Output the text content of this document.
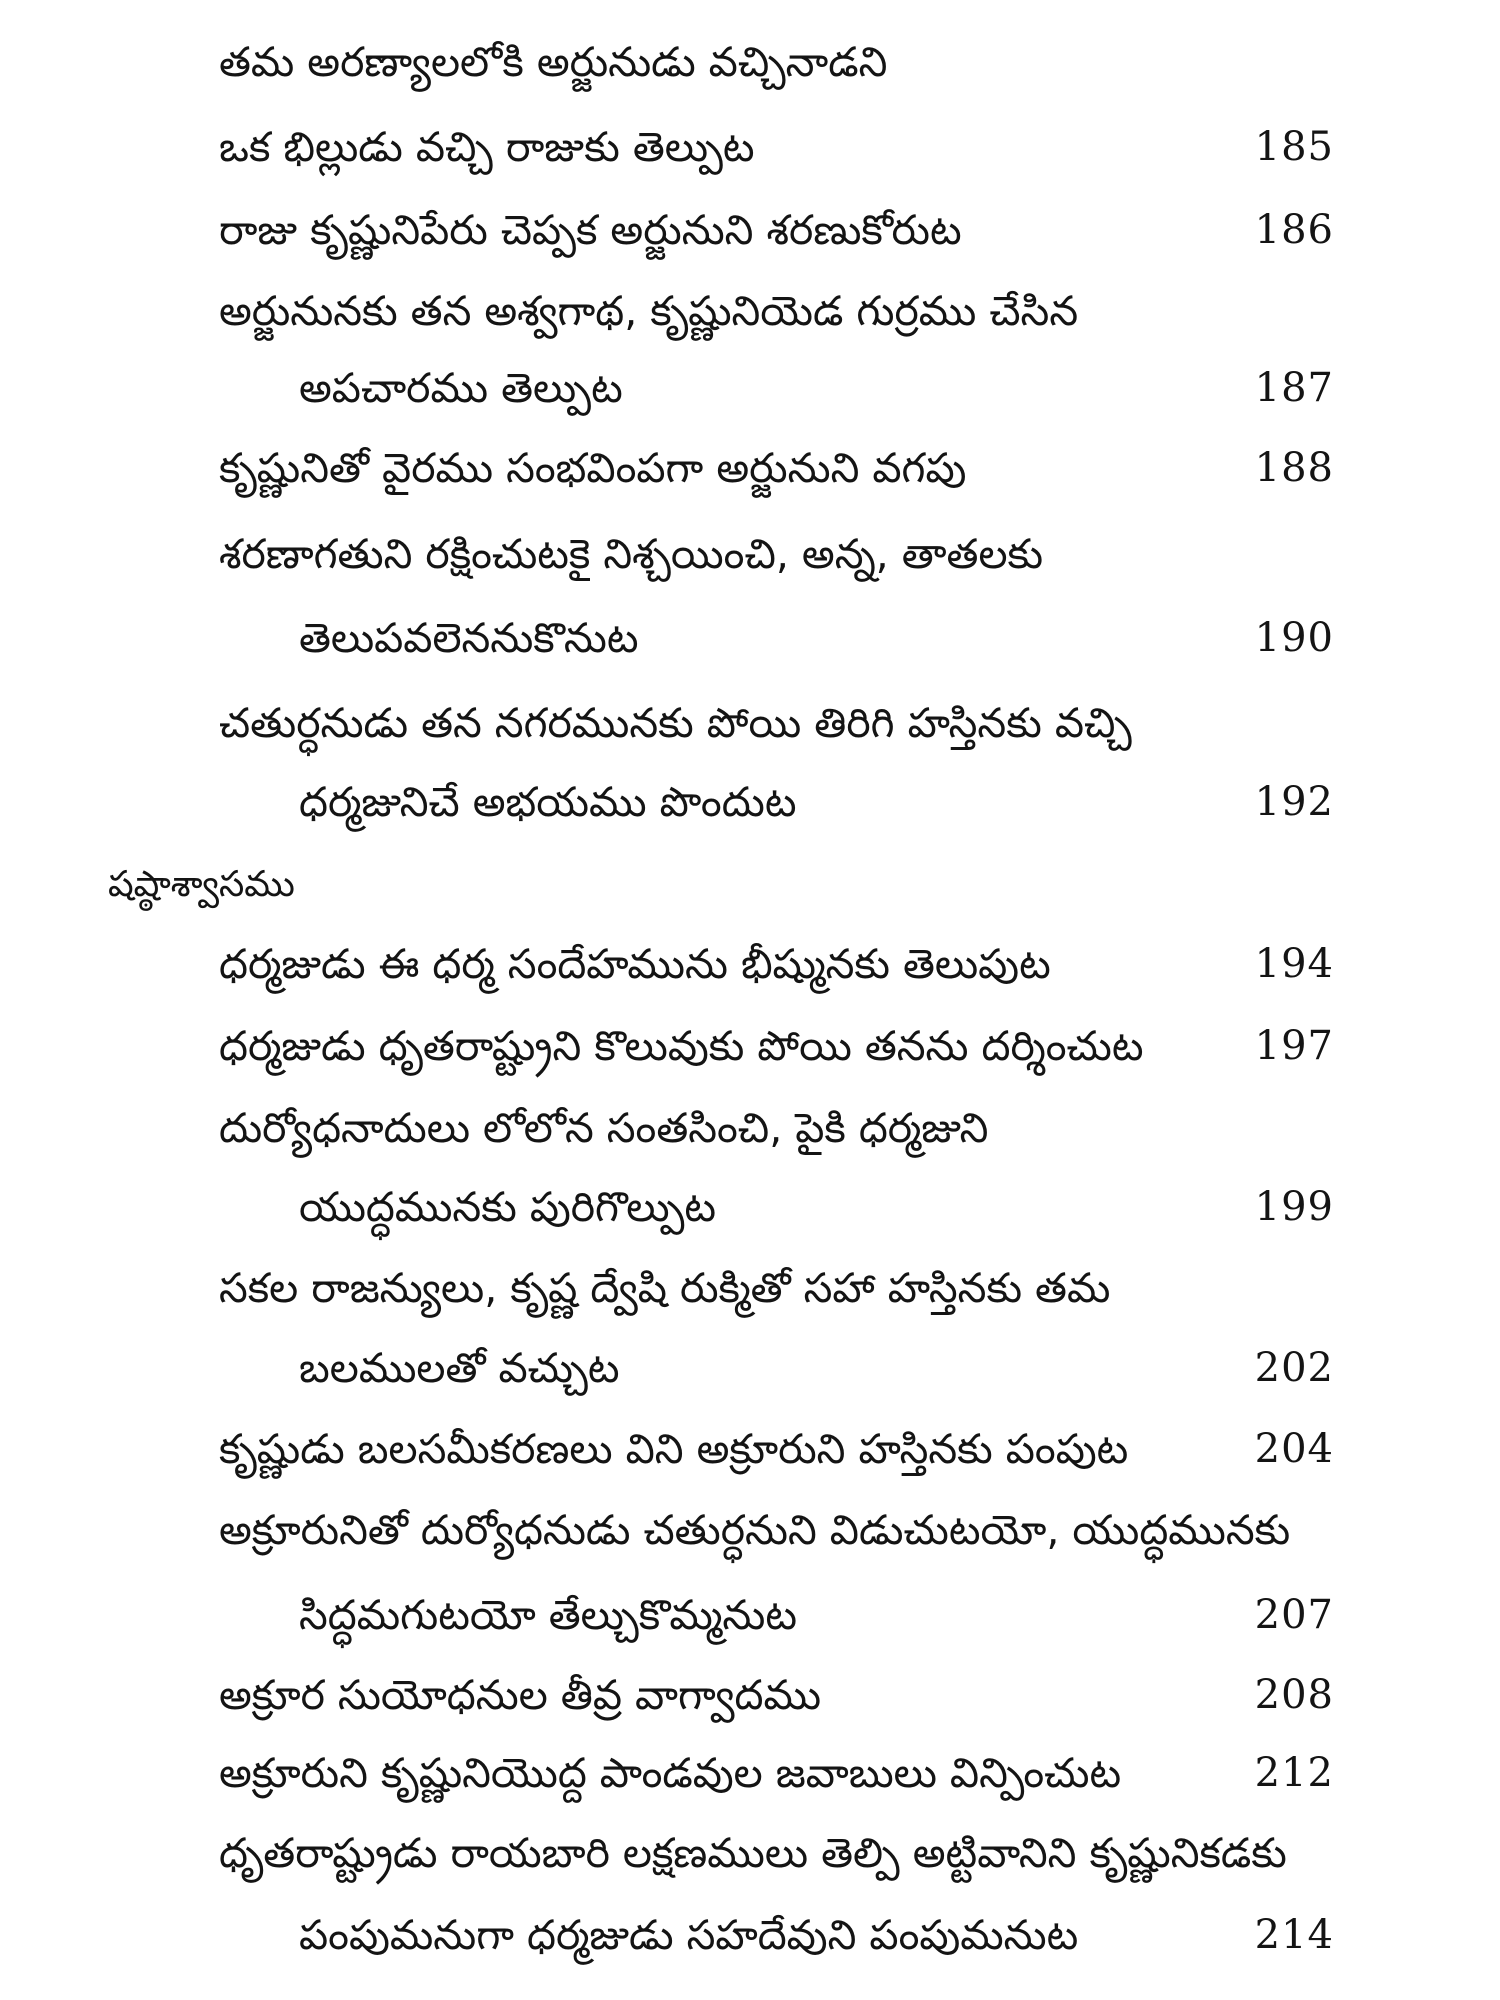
తమ అరణ్యాలలోకి అర్జునుడు వచ్చినాడని
ఒక భిల్లుడు వచ్చి రాజుకు తెల్పుట	185
రాజు కృష్ణునిపేరు చెప్పక అర్జునుని శరణుకోరుట	186
అర్జునునకు తన అశ్వగాథ, కృష్ణునియెడ గుర్రము చేసిన
అపచారము తెల్పుట	187
కృష్ణునితో వైరము సంభవింపగా అర్జునుని వగపు	188
శరణాగతుని రక్షించుటకై నిశ్చయించి, అన్న, తాతలకు
తెలుపవలెననుకొనుట	190
చతుర్ధనుడు తన నగరమునకు పోయి తిరిగి హస్తినకు వచ్చి
ధర్మజునిచే అభయము పొందుట	192
షష్ఠాశ్వాసము
ధర్మజుడు ఈ ధర్మ సందేహమును భీష్మునకు తెలుపుట	194
ధర్మజుడు ధృతరాష్ట్రుని కొలువుకు పోయి తనను దర్శించుట	197
దుర్యోధనాదులు లోలోన సంతసించి, పైకి ధర్మజుని
యుద్ధమునకు పురిగొల్పుట	199
సకల రాజన్యులు, కృష్ణ ద్వేషి రుక్మితో సహా హస్తినకు తమ
బలములతో వచ్చుట	202
కృష్ణుడు బలసమీకరణలు విని అక్రూరుని హస్తినకు పంపుట	204
అక్రూరునితో దుర్యోధనుడు చతుర్ధనుని విడుచుటయో, యుద్ధమునకు
సిద్ధమగుటయో తేల్చుకొమ్మనుట	207
అక్రూర సుయోధనుల తీవ్ర వాగ్వాదము	208
అక్రూరుని కృష్ణునియొద్ద పాండవుల జవాబులు విన్పించుట	212
ధృతరాష్ట్రుడు రాయబారి లక్షణములు తెల్పి అట్టివానిని కృష్ణునికడకు
పంపుమనుగా ధర్మజుడు సహదేవుని పంపుమనుట	214
